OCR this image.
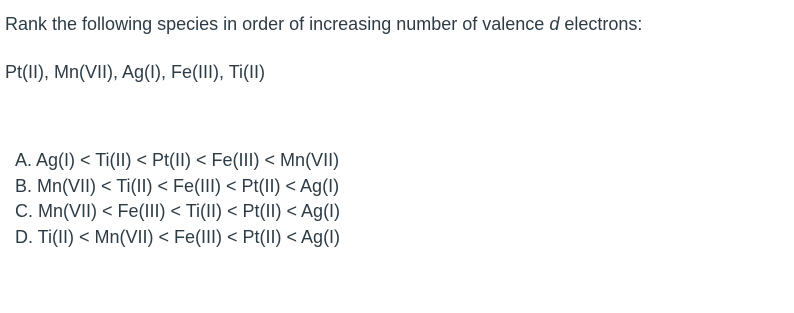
Rank the following species in order of increasing number of valence d electrons:
Pt(II), Mn(VII), Ag(I), Fe(III), Ti(II)
A. Ag(I) < Ti(II) < Pt(II) < Fe(III) < Mn(VII)
B. Mn(VII) < Ti(II) < Fe(III) < Pt(II) < Ag(I)
C. Mn(VII) < Fe(III) < Ti(II) < Pt(II) < Ag(I)
D. Ti(II) < Mn(VII) < Fe(III) < Pt(II) < Ag(I)
